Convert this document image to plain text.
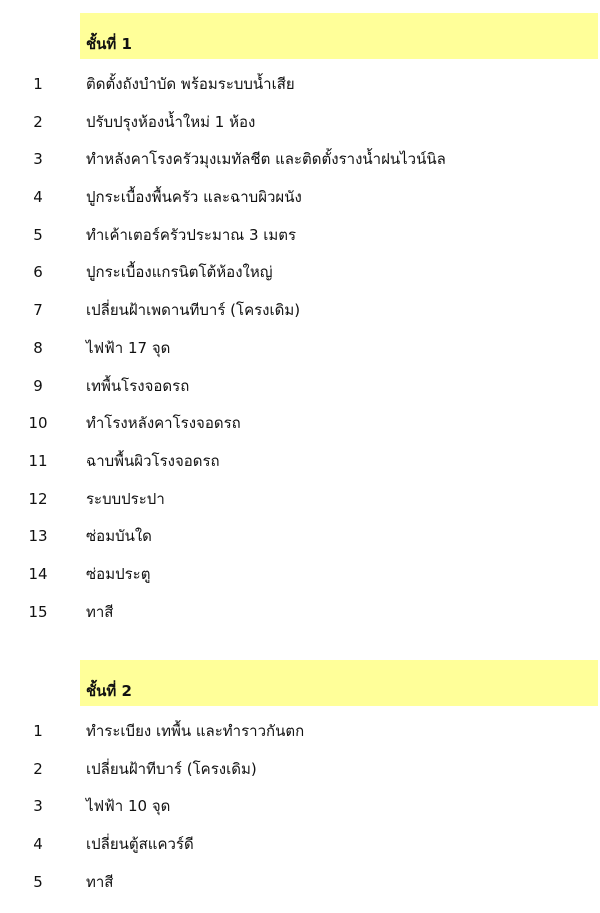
ชั้นที่ 1
1	ติดตั้งถังบำบัด พร้อมระบบน้ำเสีย
2	ปรับปรุงห้องน้ำใหม่ 1 ห้อง
3	ทำหลังคาโรงครัวมุงเมทัลชีต และติดตั้งรางน้ำฝนไวน์นิล
4	ปูกระเบื้องพื้นครัว และฉาบผิวผนัง
5	ทำเค้าเตอร์ครัวประมาณ 3 เมตร
6	ปูกระเบื้องแกรนิตโต้ห้องใหญ่
7	เปลี่ยนฝ้าเพดานทีบาร์ (โครงเดิม)
8	ไฟฟ้า 17 จุด
9	เทพื้นโรงจอดรถ
10	ทำโรงหลังคาโรงจอดรถ
11	ฉาบพื้นผิวโรงจอดรถ
12	ระบบประปา
13	ซ่อมบันใด
14	ซ่อมประตู
15	ทาสี
ชั้นที่ 2
1	ทำระเบียง เทพื้น และทำราวกันตก
2	เปลี่ยนฝ้าทีบาร์ (โครงเดิม)
3	ไฟฟ้า 10 จุด
4	เปลี่ยนตู้สแควร์ดี
5	ทาสี
